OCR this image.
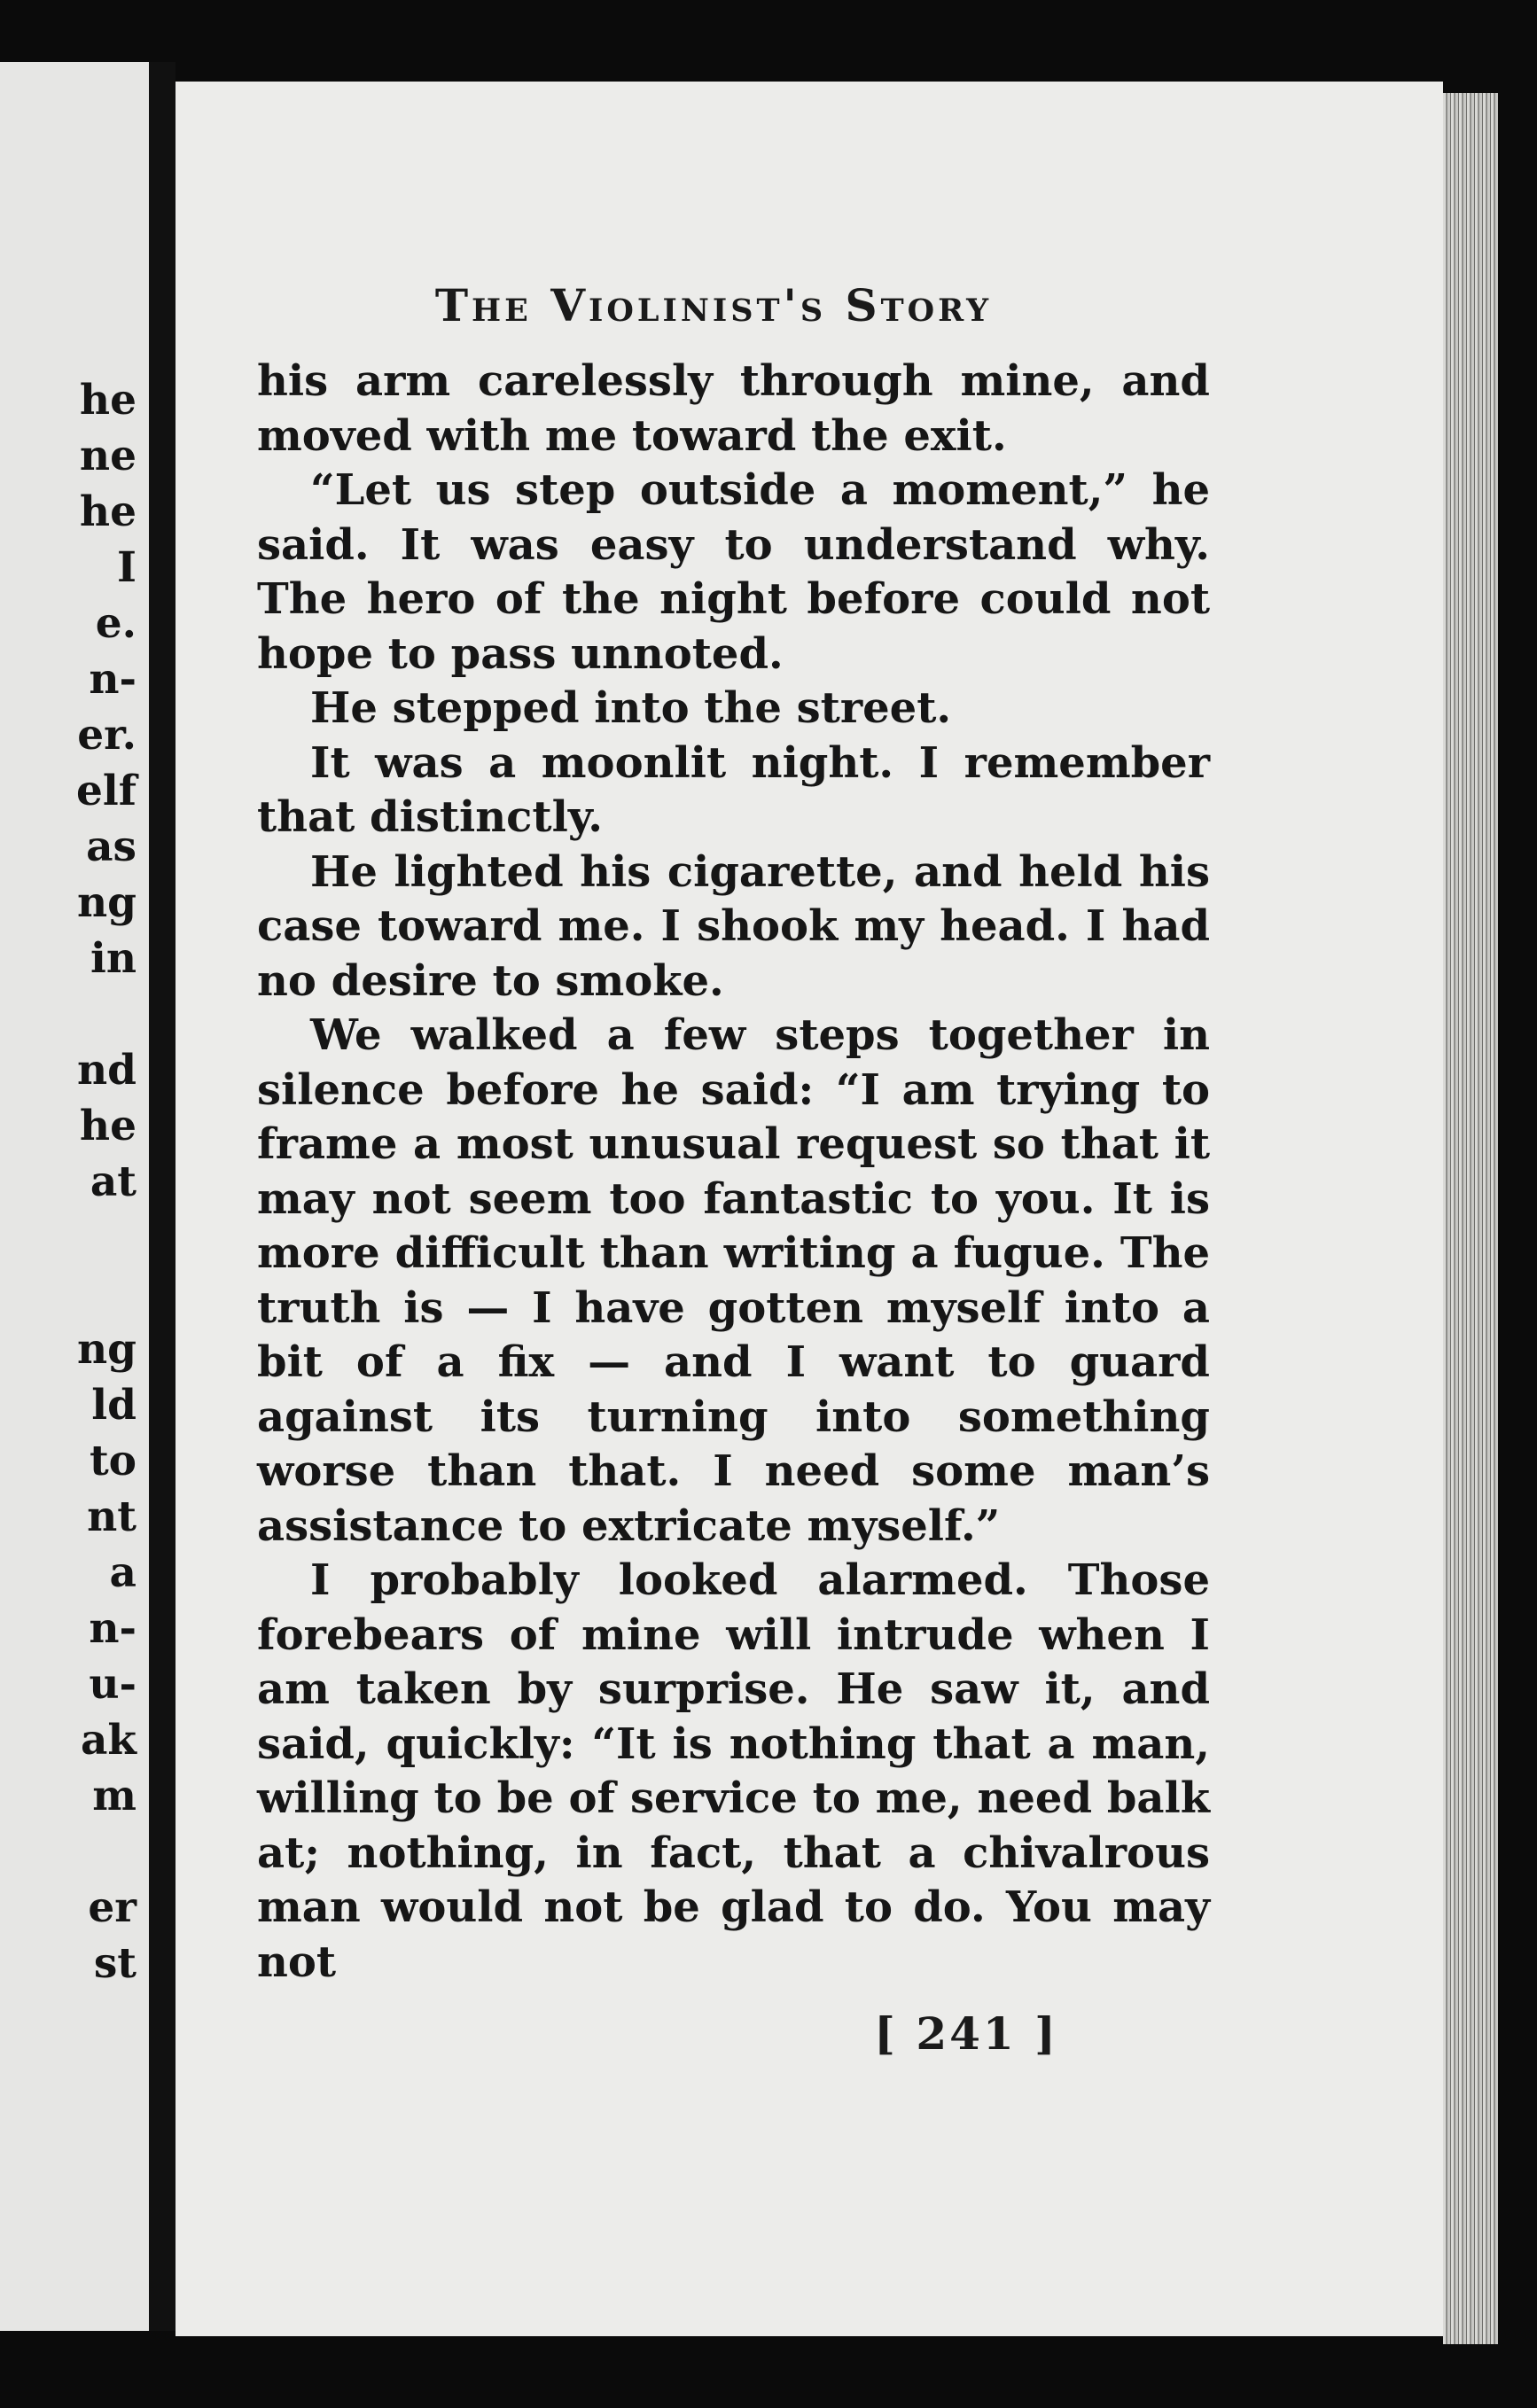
he
ne
he
I
e.
n-
er.
elf
as
ng
in
nd
he
at
ng
ld
to
nt
a
n-
u-
ak
m
er
st
The Violinist's Story

his arm carelessly through mine, and moved with me toward the exit.

“Let us step outside a moment,” he said. It was easy to understand why. The hero of the night before could not hope to pass unnoted.

He stepped into the street.

It was a moonlit night. I remember that distinctly.

He lighted his cigarette, and held his case toward me. I shook my head. I had no desire to smoke.

We walked a few steps together in silence before he said: “I am trying to frame a most unusual request so that it may not seem too fantastic to you. It is more difficult than writing a fugue. The truth is — I have gotten myself into a bit of a fix — and I want to guard against its turning into something worse than that. I need some man’s assistance to extricate myself.”

I probably looked alarmed. Those forebears of mine will intrude when I am taken by surprise. He saw it, and said, quickly: “It is nothing that a man, willing to be of service to me, need balk at; nothing, in fact, that a chivalrous man would not be glad to do. You may not

[ 241 ]
